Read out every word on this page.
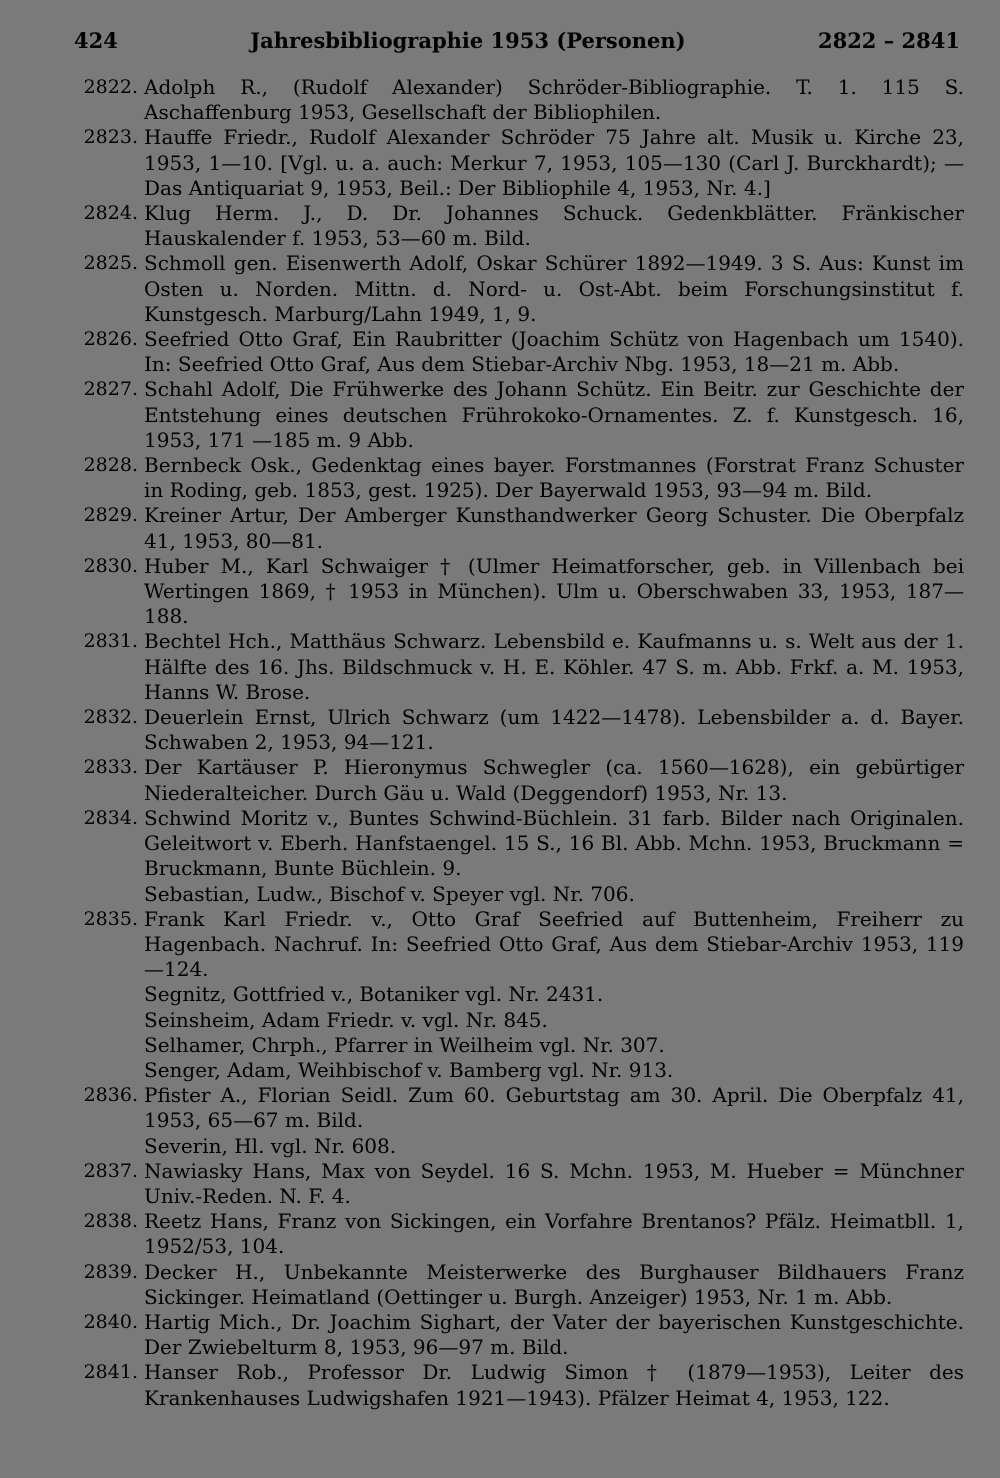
424	Jahresbibliographie 1953 (Personen)	2822 – 2841
2822. Adolph R., (Rudolf Alexander) Schröder-Bibliographie. T. 1. 115 S. Aschaffenburg 1953, Gesellschaft der Bibliophilen.
2823. Hauffe Friedr., Rudolf Alexander Schröder 75 Jahre alt. Musik u. Kirche 23, 1953, 1—10. [Vgl. u. a. auch: Merkur 7, 1953, 105—130 (Carl J. Burckhardt); — Das Antiquariat 9, 1953, Beil.: Der Bibliophile 4, 1953, Nr. 4.]
2824. Klug Herm. J., D. Dr. Johannes Schuck. Gedenkblätter. Fränkischer Hauskalender f. 1953, 53—60 m. Bild.
2825. Schmoll gen. Eisenwerth Adolf, Oskar Schürer 1892—1949. 3 S. Aus: Kunst im Osten u. Norden. Mittn. d. Nord- u. Ost-Abt. beim Forschungsinstitut f. Kunstgesch. Marburg/Lahn 1949, 1, 9.
2826. Seefried Otto Graf, Ein Raubritter (Joachim Schütz von Hagenbach um 1540). In: Seefried Otto Graf, Aus dem Stiebar-Archiv Nbg. 1953, 18—21 m. Abb.
2827. Schahl Adolf, Die Frühwerke des Johann Schütz. Ein Beitr. zur Geschichte der Entstehung eines deutschen Frührokoko-Ornamentes. Z. f. Kunstgesch. 16, 1953, 171 —185 m. 9 Abb.
2828. Bernbeck Osk., Gedenktag eines bayer. Forstmannes (Forstrat Franz Schuster in Roding, geb. 1853, gest. 1925). Der Bayerwald 1953, 93—94 m. Bild.
2829. Kreiner Artur, Der Amberger Kunsthandwerker Georg Schuster. Die Oberpfalz 41, 1953, 80—81.
2830. Huber M., Karl Schwaiger † (Ulmer Heimatforscher, geb. in Villenbach bei Wertingen 1869, † 1953 in München). Ulm u. Oberschwaben 33, 1953, 187—188.
2831. Bechtel Hch., Matthäus Schwarz. Lebensbild e. Kaufmanns u. s. Welt aus der 1. Hälfte des 16. Jhs. Bildschmuck v. H. E. Köhler. 47 S. m. Abb. Frkf. a. M. 1953, Hanns W. Brose.
2832. Deuerlein Ernst, Ulrich Schwarz (um 1422—1478). Lebensbilder a. d. Bayer. Schwaben 2, 1953, 94—121.
2833. Der Kartäuser P. Hieronymus Schwegler (ca. 1560—1628), ein gebürtiger Niederalteicher. Durch Gäu u. Wald (Deggendorf) 1953, Nr. 13.
2834. Schwind Moritz v., Buntes Schwind-Büchlein. 31 farb. Bilder nach Originalen. Geleitwort v. Eberh. Hanfstaengel. 15 S., 16 Bl. Abb. Mchn. 1953, Bruckmann = Bruckmann, Bunte Büchlein. 9.
Sebastian, Ludw., Bischof v. Speyer vgl. Nr. 706.
2835. Frank Karl Friedr. v., Otto Graf Seefried auf Buttenheim, Freiherr zu Hagenbach. Nachruf. In: Seefried Otto Graf, Aus dem Stiebar-Archiv 1953, 119—124.
Segnitz, Gottfried v., Botaniker vgl. Nr. 2431.
Seinsheim, Adam Friedr. v. vgl. Nr. 845.
Selhamer, Chrph., Pfarrer in Weilheim vgl. Nr. 307.
Senger, Adam, Weihbischof v. Bamberg vgl. Nr. 913.
2836. Pfister A., Florian Seidl. Zum 60. Geburtstag am 30. April. Die Oberpfalz 41, 1953, 65—67 m. Bild.
Severin, Hl. vgl. Nr. 608.
2837. Nawiasky Hans, Max von Seydel. 16 S. Mchn. 1953, M. Hueber = Münchner Univ.-Reden. N. F. 4.
2838. Reetz Hans, Franz von Sickingen, ein Vorfahre Brentanos? Pfälz. Heimatbll. 1, 1952/53, 104.
2839. Decker H., Unbekannte Meisterwerke des Burghauser Bildhauers Franz Sickinger. Heimatland (Oettinger u. Burgh. Anzeiger) 1953, Nr. 1 m. Abb.
2840. Hartig Mich., Dr. Joachim Sighart, der Vater der bayerischen Kunstgeschichte. Der Zwiebelturm 8, 1953, 96—97 m. Bild.
2841. Hanser Rob., Professor Dr. Ludwig Simon † (1879—1953), Leiter des Krankenhauses Ludwigshafen 1921—1943). Pfälzer Heimat 4, 1953, 122.
